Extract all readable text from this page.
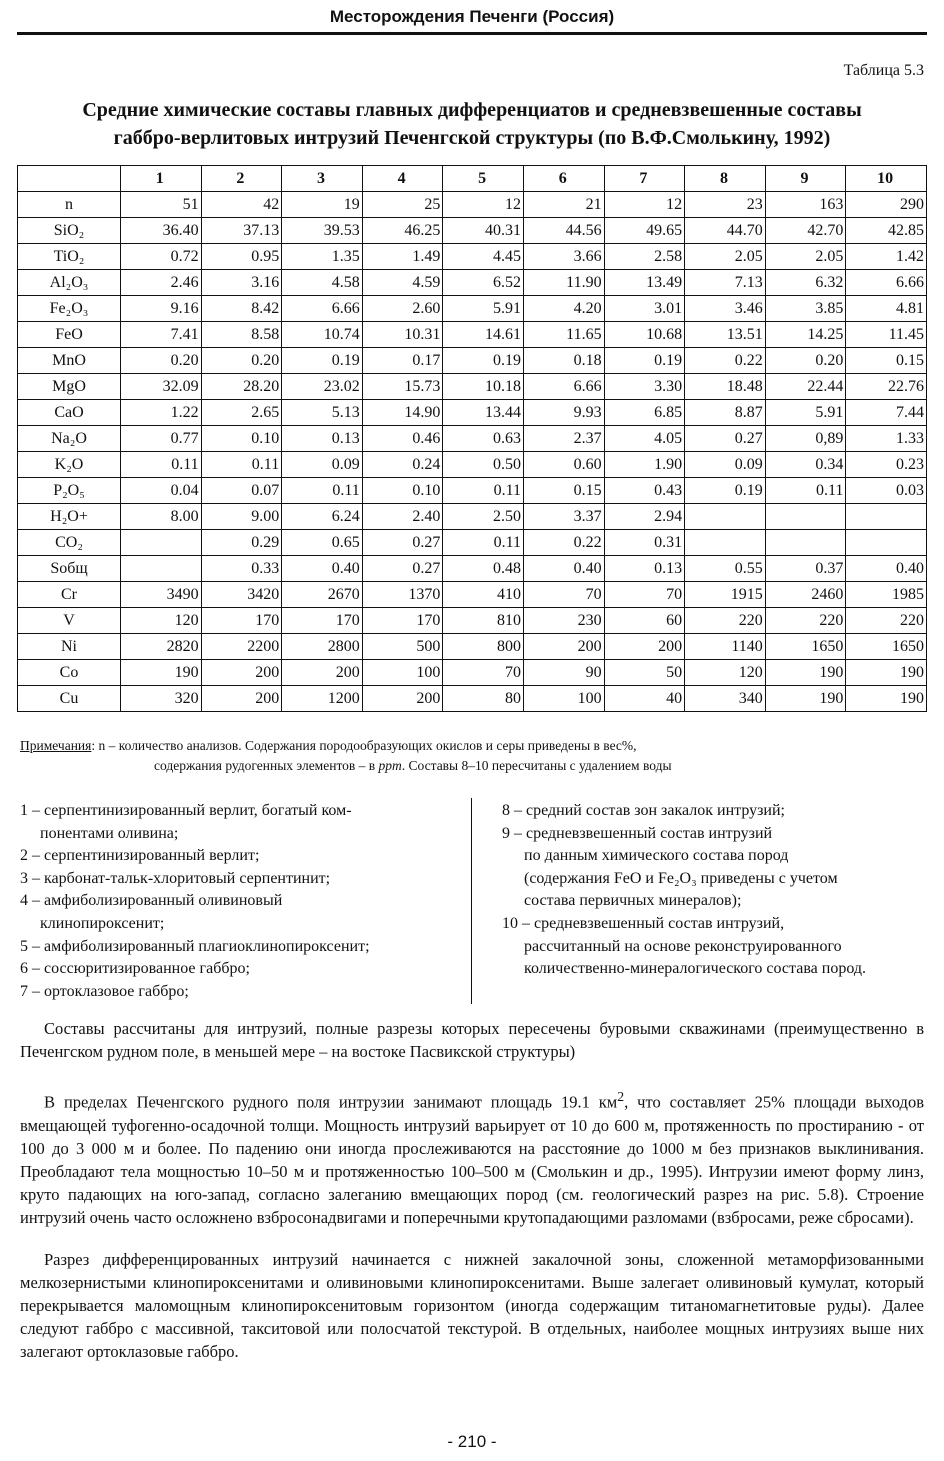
Месторождения Печенги (Россия)
Таблица 5.3
Средние химические составы главных дифференциатов и средневзвешенные составы
габбро-верлитовых интрузий Печенгской структуры (по В.Ф.Смолькину, 1992)
	1	2	3	4	5	6	7	8	9	10
n	51	42	19	25	12	21	12	23	163	290
SiO₂	36.40	37.13	39.53	46.25	40.31	44.56	49.65	44.70	42.70	42.85
TiO₂	0.72	0.95	1.35	1.49	4.45	3.66	2.58	2.05	2.05	1.42
Al₂O₃	2.46	3.16	4.58	4.59	6.52	11.90	13.49	7.13	6.32	6.66
Fe₂O₃	9.16	8.42	6.66	2.60	5.91	4.20	3.01	3.46	3.85	4.81
FeO	7.41	8.58	10.74	10.31	14.61	11.65	10.68	13.51	14.25	11.45
MnO	0.20	0.20	0.19	0.17	0.19	0.18	0.19	0.22	0.20	0.15
MgO	32.09	28.20	23.02	15.73	10.18	6.66	3.30	18.48	22.44	22.76
CaO	1.22	2.65	5.13	14.90	13.44	9.93	6.85	8.87	5.91	7.44
Na₂O	0.77	0.10	0.13	0.46	0.63	2.37	4.05	0.27	0,89	1.33
K₂O	0.11	0.11	0.09	0.24	0.50	0.60	1.90	0.09	0.34	0.23
P₂O₅	0.04	0.07	0.11	0.10	0.11	0.15	0.43	0.19	0.11	0.03
H₂O+	8.00	9.00	6.24	2.40	2.50	3.37	2.94			
CO₂		0.29	0.65	0.27	0.11	0.22	0.31			
Sобщ		0.33	0.40	0.27	0.48	0.40	0.13	0.55	0.37	0.40
Cr	3490	3420	2670	1370	410	70	70	1915	2460	1985
V	120	170	170	170	810	230	60	220	220	220
Ni	2820	2200	2800	500	800	200	200	1140	1650	1650
Co	190	200	200	100	70	90	50	120	190	190
Cu	320	200	1200	200	80	100	40	340	190	190
Примечания: n – количество анализов. Содержания породообразующих окислов и серы приведены в вес%,
содержания рудогенных элементов – в ppm. Составы 8–10 пересчитаны с удалением воды
1 – серпентинизированный верлит, богатый ком-
понентами оливина;
2 – серпентинизированный верлит;
3 – карбонат-тальк-хлоритовый серпентинит;
4 – амфиболизированный оливиновый
клинопироксенит;
5 – амфиболизированный плагиоклинопироксенит;
6 – соссюритизированное габбро;
7 – ортоклазовое габбро;
8 – средний состав зон закалок интрузий;
9 – средневзвешенный состав интрузий
по данным химического состава пород
(содержания FeO и Fe₂O₃ приведены с учетом
состава первичных минералов);
10 – средневзвешенный состав интрузий,
рассчитанный на основе реконструированного
количественно-минералогического состава пород.
Составы рассчитаны для интрузий, полные разрезы которых пересечены буровыми скважинами (преимущественно в Печенгском рудном поле, в меньшей мере – на востоке Пасвикской структуры)
В пределах Печенгского рудного поля интрузии занимают площадь 19.1 $км^2$, что составляет 25% площади выходов вмещающей туфогенно-осадочной толщи. Мощность интрузий варьирует от 10 до 600 м, протяженность по простиранию - от 100 до 3 000 м и более. По падению они иногда прослеживаются на расстояние до 1000 м без признаков выклинивания. Преобладают тела мощностью 10–50 м и протяженностью 100–500 м (Смолькин и др., 1995). Интрузии имеют форму линз, круто падающих на юго-запад, согласно залеганию вмещающих пород (см. геологический разрез на рис. 5.8). Строение интрузий очень часто осложнено взбросонадвигами и поперечными крутопадающими разломами (взбросами, реже сбросами).
Разрез дифференцированных интрузий начинается с нижней закалочной зоны, сложенной метаморфизованными мелкозернистыми клинопироксенитами и оливиновыми клинопироксенитами. Выше залегает оливиновый кумулат, который перекрывается маломощным клинопироксенитовым горизонтом (иногда содержащим титаномагнетитовые руды). Далее следуют габбро с массивной, такситовой или полосчатой текстурой. В отдельных, наиболее мощных интрузиях выше них залегают ортоклазовые габбро.
- 210 -
